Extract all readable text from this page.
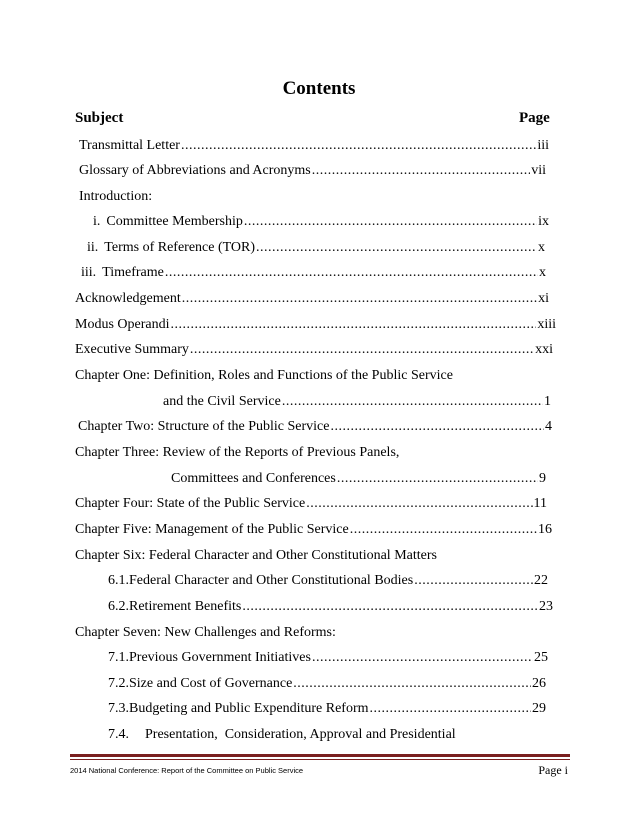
Contents
Subject	Page
Transmittal Letter .....	iii
Glossary of Abbreviations and Acronyms .....	vii
Introduction:
i. Committee Membership .....	ix
ii. Terms of Reference (TOR) .....	x
iii. Timeframe .....	x
Acknowledgement .....	xi
Modus Operandi .....	xiii
Executive Summary .....	xxi
Chapter One: Definition, Roles and Functions of the Public Service
and the Civil Service .....	1
Chapter Two: Structure of the Public Service .....	4
Chapter Three: Review of the Reports of Previous Panels,
Committees and Conferences .....	9
Chapter Four: State of the Public Service .....	11
Chapter Five: Management of the Public Service .....	16
Chapter Six: Federal Character and Other Constitutional Matters
6.1. Federal Character and Other Constitutional Bodies .....	22
6.2. Retirement Benefits .....	23
Chapter Seven: New Challenges and Reforms:
7.1. Previous Government Initiatives .....	25
7.2. Size and Cost of Governance .....	26
7.3. Budgeting and Public Expenditure Reform .....	29
7.4. Presentation,  Consideration, Approval and Presidential
2014 National Conference: Report of the Committee on Public Service	Page i
